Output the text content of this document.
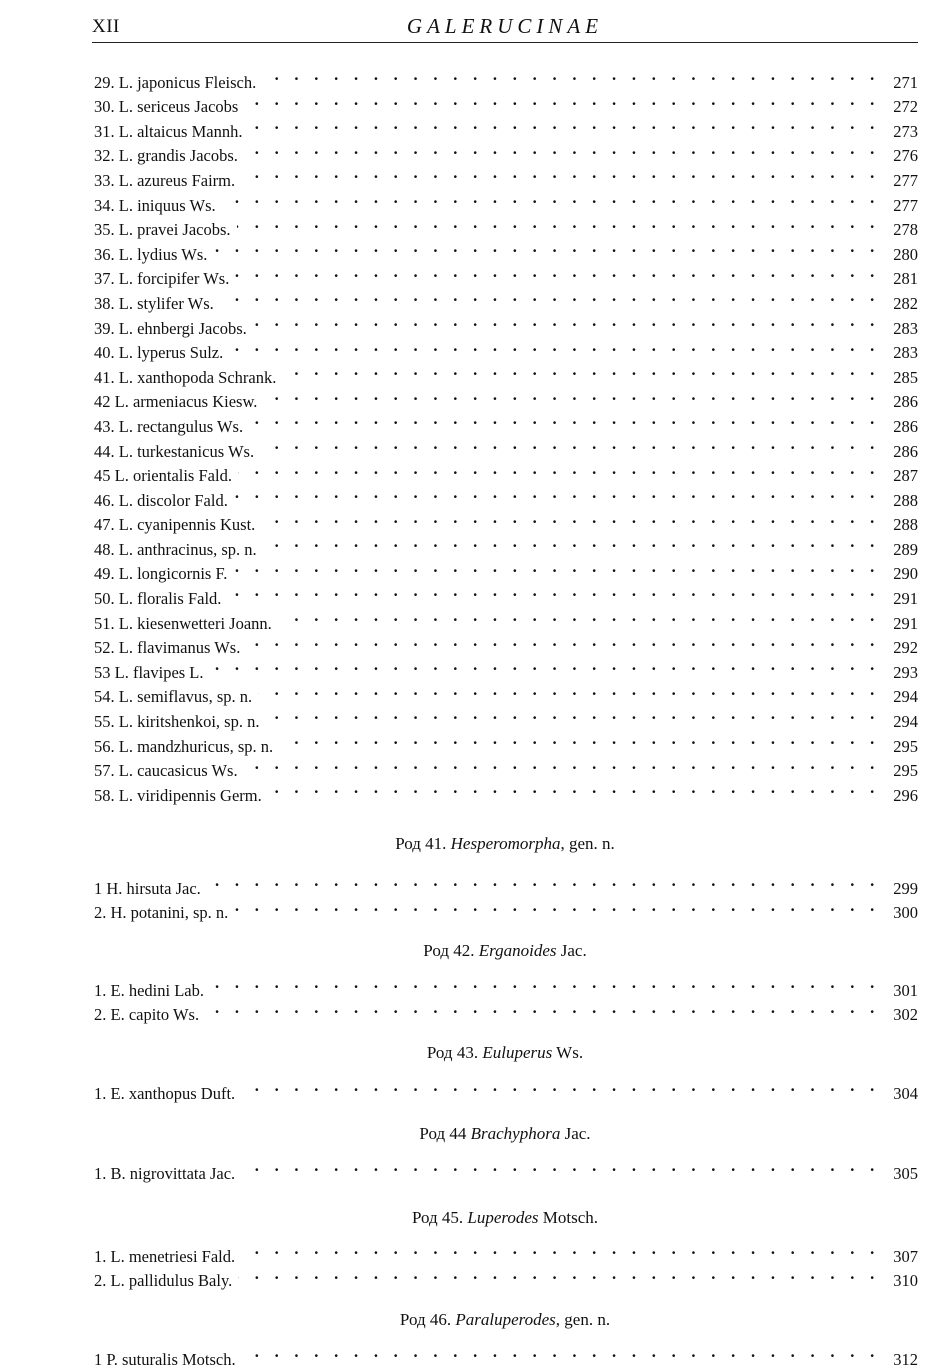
XII	GALERUCINAE
29. L. japonicus Fleisch. . . .	271
30. L. sericeus Jacobs . . .	272
31. L. altaicus Mannh. . . .	273
32. L. grandis Jacobs. . . .	276
33. L. azureus Fairm. . . .	277
34. L. iniquus Ws. . . .	277
35. L. pravei Jacobs. . . .	278
36. L. lydius Ws. . . .	280
37. L. forcipifer Ws. . . .	281
38. L. stylifer Ws. . . .	282
39. L. ehnbergi Jacobs. . . .	283
40. L. lyperus Sulz. . . .	283
41. L. xanthopoda Schrank. . . .	285
42 L. armeniacus Kiesw. . . .	286
43. L. rectangulus Ws. . . .	286
44. L. turkestanicus Ws. . . .	286
45 L. orientalis Fald. . . .	287
46. L. discolor Fald. . . .	288
47. L. cyanipennis Kust. . . .	288
48. L. anthracinus, sp. n. . . .	289
49. L. longicornis F. . . .	290
50. L. floralis Fald. . . .	291
51. L. kiesenwetteri Joann. . . .	291
52. L. flavimanus Ws. . . .	292
53 L. flavipes L. . . .	293
54. L. semiflavus, sp. n. . . .	294
55. L. kiritshenkoi, sp. n. . . .	294
56. L. mandzhuricus, sp. n. . . .	295
57. L. caucasicus Ws. . . .	295
58. L. viridipennis Germ. . . .	296
Род 41. Hesperomorpha, gen. n.
1 H. hirsuta Jac. . . .	299
2. H. potanini, sp. n. . . .	300
Род 42. Erganoides Jac.
1. E. hedini Lab. . . .	301
2. E. capito Ws. . . .	302
Род 43. Euluperus Ws.
1. E. xanthopus Duft. . . .	304
Род 44 Brachyphora Jac.
1. B. nigrovittata Jac. . . .	305
Род 45. Luperodes Motsch.
1. L. menetriesi Fald. . . .	307
2. L. pallidulus Baly. . . .	310
Род 46. Paraluperodes, gen. n.
1 P. suturalis Motsch. . . .	312
